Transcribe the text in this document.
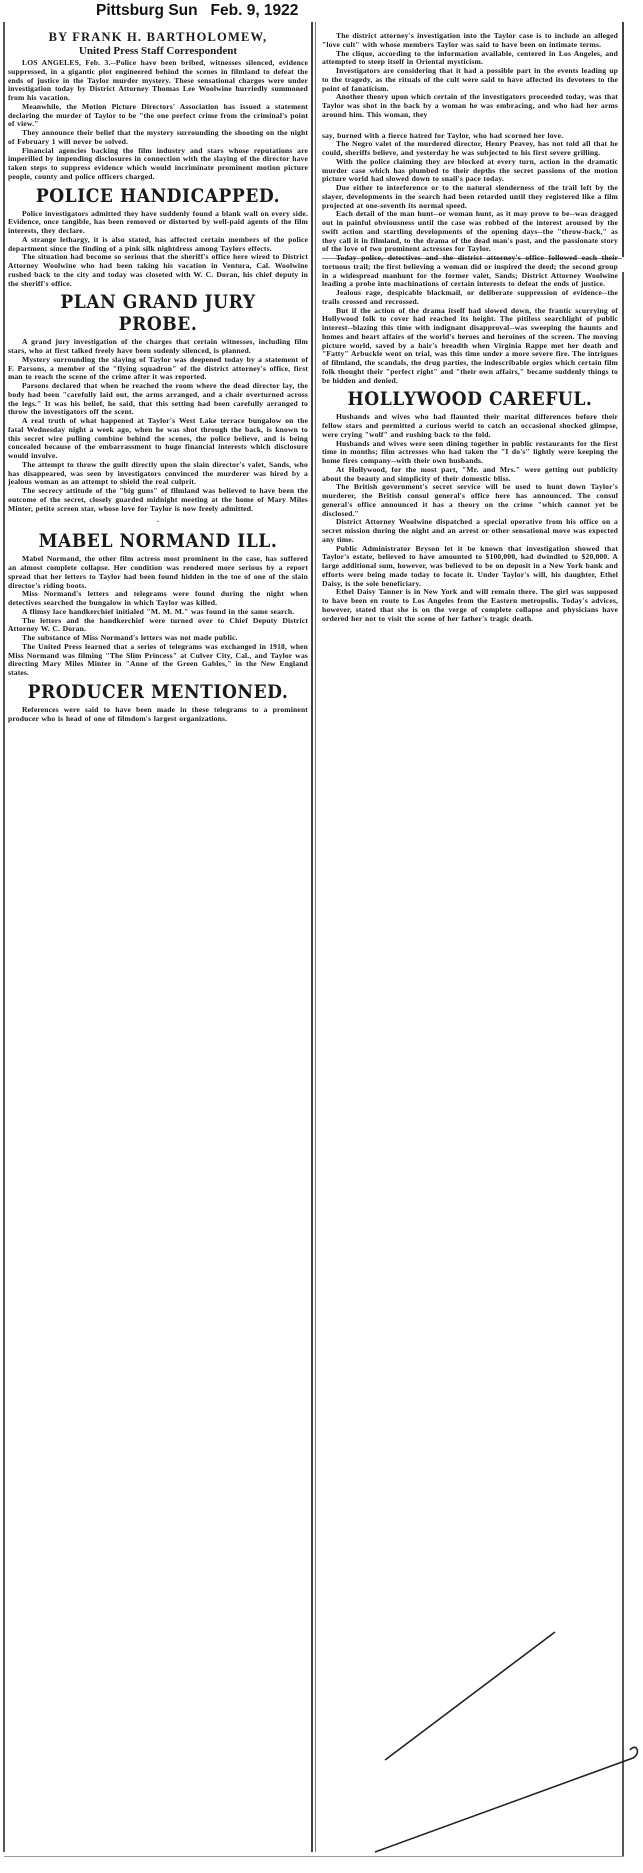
Pittsburg Sun Feb. 9, 1922
BY FRANK H. BARTHOLOMEW,
United Press Staff Correspondent

LOS ANGELES, Feb. 3.--Police have been bribed, witnesses silenced, evidence suppressed, in a gigantic plot engineered behind the scenes in filmland to defeat the ends of justice in the Taylor murder mystery. These sensational charges were under investigation today by District Attorney Thomas Lee Woolwine hurriedly summoned from his vacation.

Meanwhile, the Motion Picture Directors' Association has issued a statement declaring the murder of Taylor to be "the one perfect crime from the criminal's point of view."

They announce their belief that the mystery surrounding the shooting on the night of February 1 will never be solved.

Financial agencies backing the film industry and stars whose reputations are imperilled by impending disclosures in connection with the slaying of the director have taken steps to suppress evidence which would incriminate prominent motion picture people, county and police officers charged.

POLICE HANDICAPPED.

Police investigators admitted they have suddenly found a blank wall on every side. Evidence, once tangible, has been removed or distorted by well-paid agents of the film interests, they declare.

A strange lethargy, it is also stated, has affected certain members of the police department since the finding of a pink silk nightdress among Taylors effects.

The situation had become so serious that the sheriff's office here wired to District Attorney Woolwine who had been taking his vacation in Ventura, Cal. Woolwine rushed back to the city and today was closeted with W. C. Doran, his chief deputy in the sheriff's office.

PLAN GRAND JURY PROBE.

A grand jury investigation of the charges that certain witnesses, including film stars, who at first talked freely have been sudenly silenced, is planned.

Mystery surrounding the slaying of Taylor was deepened today by a statement of F. Parsons, a member of the "flying squadron" of the district attorney's office, first man to reach the scene of the crime after it was reported.

Parsons declared that when he reached the room where the dead director lay, the body had been "carefully laid out, the arms arranged, and a chair overturned across the legs." It was his belief, he said, that this setting had been carefully arranged to throw the investigators off the scent.

A real truth of what happened at Taylor's West Lake terrace bungalow on the fatal Wednesday night a week ago, when he was shot through the back, is known to this secret wire pulling combine behind the scenes, the police believe, and is being concealed because of the embarrassment to huge financial interests which disclosure would involve.

The attempt to throw the guilt directly upon the slain director's valet, Sands, who has disappeared, was seen by investigators convinced the murderer was hired by a jealous woman as an attempt to shield the real culprit.

The secrecy attitude of the "big guns" of filmland was believed to have been the outcome of the secret, closely guarded midnight meeting at the home of Mary Miles Minter, petite screen star, whose love for Taylor is now freely admitted.

.
MABEL NORMAND ILL.

Mabel Normand, the other film actress most prominent in the case, has suffered an almost complete collapse. Her condition was rendered more serious by a report spread that her letters to Taylor had been found hidden in the toe of one of the slain director's riding boots.

Miss Normand's letters and telegrams were found during the night when detectives searched the bungalow in which Taylor was killed.

A flimsy lace handkerchief initialed "M. M. M." was found in the same search.

The letters and the handkerchief were turned over to Chief Deputy District Attorney W. C. Doran.

The substance of Miss Normand's letters was not made public.

The United Press learned that a series of telegrams was exchanged in 1918, when Miss Normand was filming "The Slim Princess" at Culver City, Cal., and Taylor was directing Mary Miles Minter in "Anne of the Green Gables," in the New England states.

PRODUCER MENTIONED.

References were said to have been made in these telegrams to a prominent producer who is head of one of filmdom's largest organizations.

The district attorney's investigation into the Taylor case is to include an alleged "love cult" with whose members Taylor was said to have been on intimate terms.

The clique, according to the information available, centered in Los Angeles, and attempted to steep itself in Oriental mysticism.

Investigators are considering that it had a possible part in the events leading up to the tragedy, as the rituals of the cult were said to have affected its devotees to the point of fanaticism.

Another theory upon which certain of the investigators proceeded today, was that Taylor was shot in the back by a woman he was embracing, and who had her arms around him. This woman, they

say, burned with a fierce hatred for Taylor, who had scorned her love.

The Negro valet of the murdered director, Henry Peavey, has not told all that he could, sheriffs believe, and yesterday he was subjected to his first severe grilling.

With the police claiming they are blocked at every turn, action in the dramatic murder case which has plumbed to their depths the secret passions of the motion picture world had slowed down to snail's pace today.

Due either to interference or to the natural slenderness of the trail left by the slayer, developments in the search had been retarded until they registered like a film projected at one-seventh its normal speed.

Each detail of the man hunt--or woman hunt, as it may prove to be--was dragged out in painful obviousness until the case was robbed of the interest aroused by the swift action and startling developments of the opening days--the "throw-back," as they call it in filmland, to the drama of the dead man's past, and the passionate story of the love of two prominent actresses for Taylor.

Today police, detectives and the district attorney's office followed each their tortuous trail; the first believing a woman did or inspired the deed; the second group in a widespread manhunt for the former valet, Sands; District Attorney Woolwine leading a probe into machinations of certain interests to defeat the ends of justice.

Jealous rage, despicable blackmail, or deliberate suppression of evidence--the trails crossed and recrossed.

But if the action of the drama itself had slowed down, the frantic scurrying of Hollywood folk to cover had reached its height. The pitiless searchlight of public interest--blazing this time with indignant disapproval--was sweeping the haunts and homes and heart affairs of the world's heroes and heroines of the screen. The moving picture world, saved by a hair's breadth when Virginia Rappe met her death and "Fatty" Arbuckle went on trial, was this time under a more severe fire. The intrigues of filmland, the scandals, the drug parties, the indescribable orgies which certain film folk thought their "perfect right" and "their own affairs," became suddenly things to be hidden and denied.

HOLLYWOOD CAREFUL.

Husbands and wives who had flaunted their marital differences before their fellow stars and permitted a curious world to catch an occasional shocked glimpse, were crying "wolf" and rushing back to the fold.

Husbands and wives were seen dining together in public restaurants for the first time in months; film actresses who had taken the "I do's" lightly were keeping the home fires company--with their own husbands.

At Hollywood, for the most part, "Mr. and Mrs." were getting out publicity about the beauty and simplicity of their domestic bliss.

The British government's secret service will be used to hunt down Taylor's murderer, the British consul general's office here has announced. The consul general's office announced it has a theory on the crime "which cannot yet be disclosed."

District Attorney Woolwine dispatched a special operative from his office on a secret mission during the night and an arrest or other sensational move was expected any time.

Public Administrator Bryson let it be known that investigation showed that Taylor's estate, believed to have amounted to $100,000, had dwindled to $20,000. A large additional sum, however, was believed to be on deposit in a New York bank and efforts were being made today to locate it. Under Taylor's will, his daughter, Ethel Daisy, is the sole beneficiary.

Ethel Daisy Tanner is in New York and will remain there. The girl was supposed to have been en route to Los Angeles from the Eastern metropolis. Today's advices, however, stated that she is on the verge of complete collapse and physicians have ordered her not to visit the scene of her father's tragic death.
